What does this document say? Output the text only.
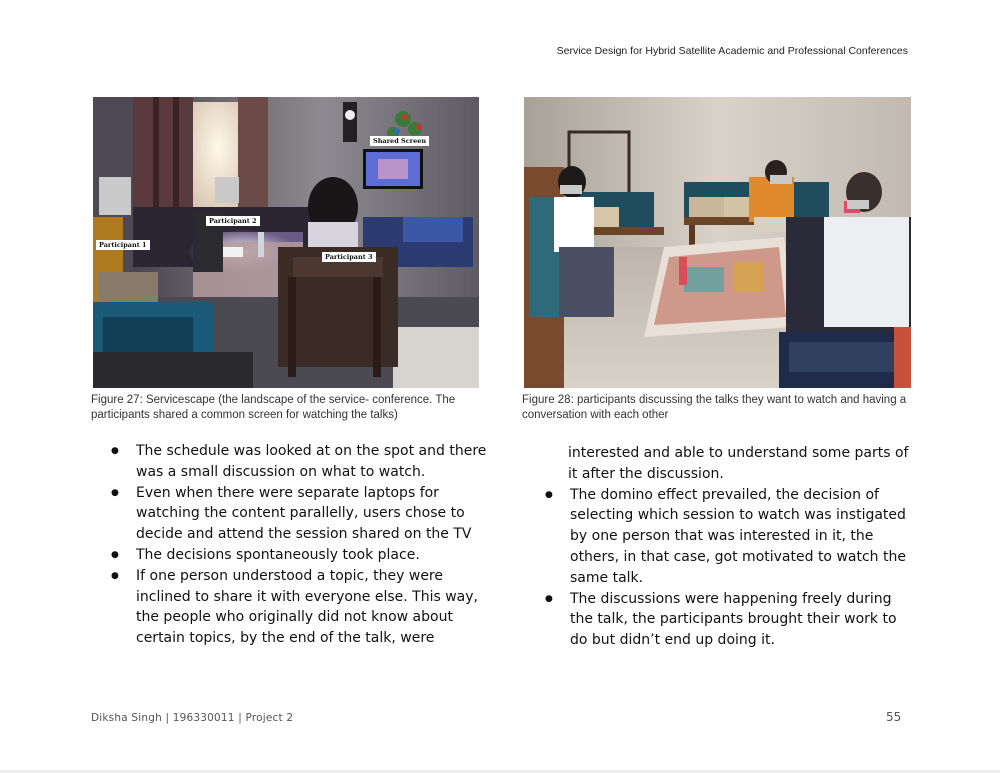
Service Design for Hybrid Satellite Academic and Professional Conferences
Shared Screen
Participant 2
Participant 1
Participant 3
Figure 27: Servicescape (the landscape of the service- conference. The participants shared a common screen for watching the talks)
Figure 28: participants discussing the talks they want to watch and having a conversation with each other
● The schedule was looked at on the spot and there was a small discussion on what to watch.
● Even when there were separate laptops for watching the content parallelly, users chose to decide and attend the session shared on the TV
● The decisions spontaneously took place.
● If one person understood a topic, they were inclined to share it with everyone else. This way, the people who originally did not know about certain topics, by the end of the talk, were
interested and able to understand some parts of it after the discussion.
● The domino effect prevailed, the decision of selecting which session to watch was instigated by one person that was interested in it, the others, in that case, got motivated to watch the same talk.
● The discussions were happening freely during the talk, the participants brought their work to do but didn’t end up doing it.
Diksha Singh | 196330011 | Project 2	55
